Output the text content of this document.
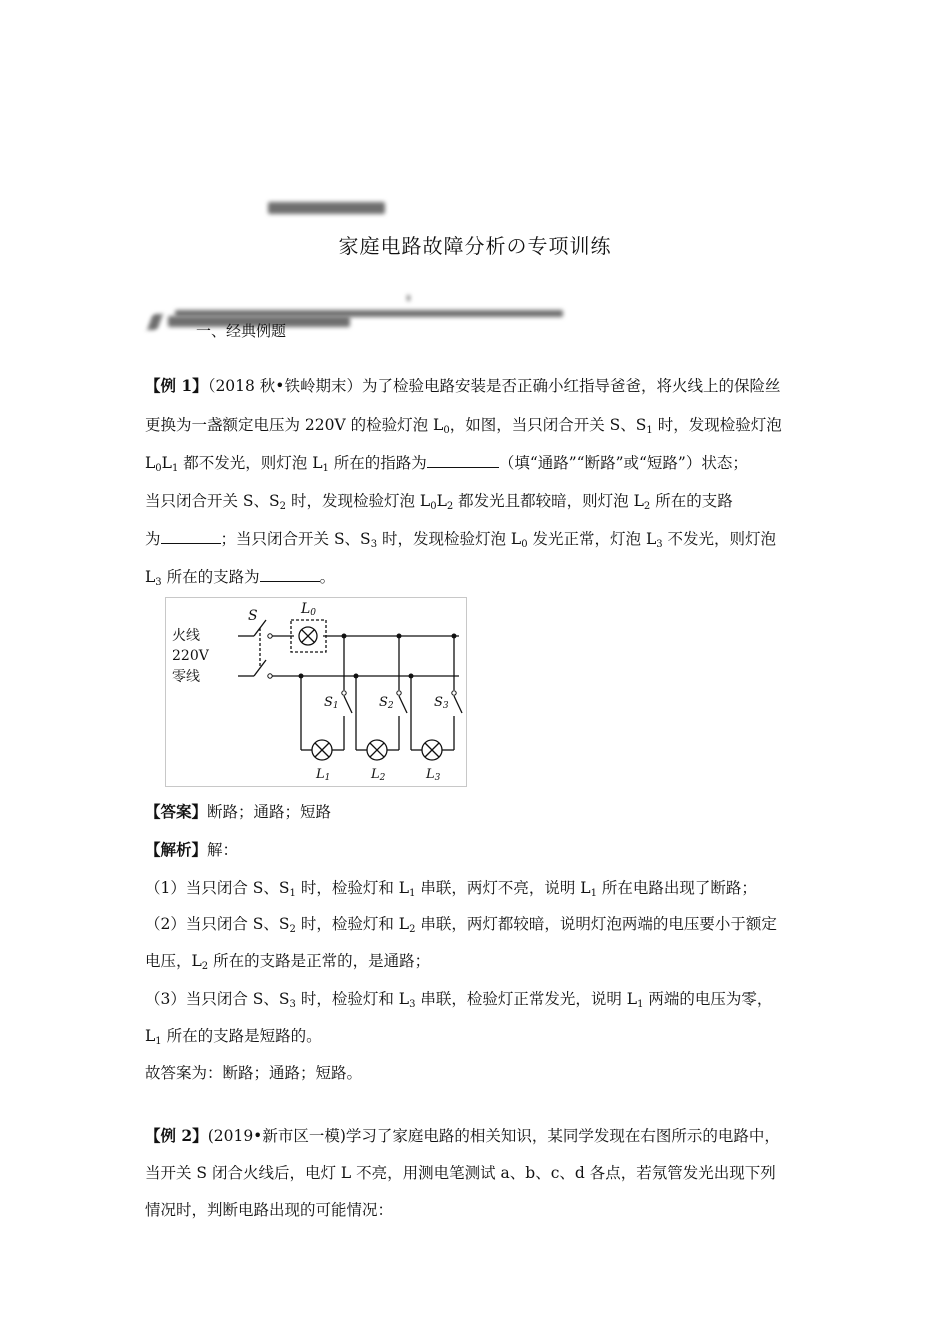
家庭电路故障分析の专项训练
一、经典例题
【例 1】（2018 秋•铁岭期末）为了检验电路安装是否正确小红指导爸爸，将火线上的保险丝
更换为一盏额定电压为 220V 的检验灯泡 $L_0$，如图，当只闭合开关 S、$S_1$ 时，发现检验灯泡
$L_0L_1$ 都不发光，则灯泡 $L_1$ 所在的指路为	（填“通路”“断路”或“短路”）状态；
当只闭合开关 S、$S_2$ 时，发现检验灯泡 $L_0L_2$ 都发光且都较暗，则灯泡 $L_2$ 所在的支路
为	；当只闭合开关 S、$S_3$ 时，发现检验灯泡 $L_0$ 发光正常，灯泡 $L_3$ 不发光，则灯泡
$L_3$ 所在的支路为	。
S	L0
火线
220V
零线
S1	S2	S3
L1	L2	L3
【答案】断路；通路；短路
【解析】解：
（1）当只闭合 S、$S_1$ 时，检验灯和 $L_1$ 串联，两灯不亮，说明 $L_1$ 所在电路出现了断路；
（2）当只闭合 S、$S_2$ 时，检验灯和 $L_2$ 串联，两灯都较暗，说明灯泡两端的电压要小于额定
电压，$L_2$ 所在的支路是正常的，是通路；
（3）当只闭合 S、$S_3$ 时，检验灯和 $L_3$ 串联，检验灯正常发光，说明 $L_1$ 两端的电压为零，
$L_1$ 所在的支路是短路的。
故答案为：断路；通路；短路。
【例 2】(2019•新市区一模)学习了家庭电路的相关知识，某同学发现在右图所示的电路中，
当开关 S 闭合火线后，电灯 L 不亮，用测电笔测试 a、b、c、d 各点，若氖管发光出现下列
情况时，判断电路出现的可能情况：
